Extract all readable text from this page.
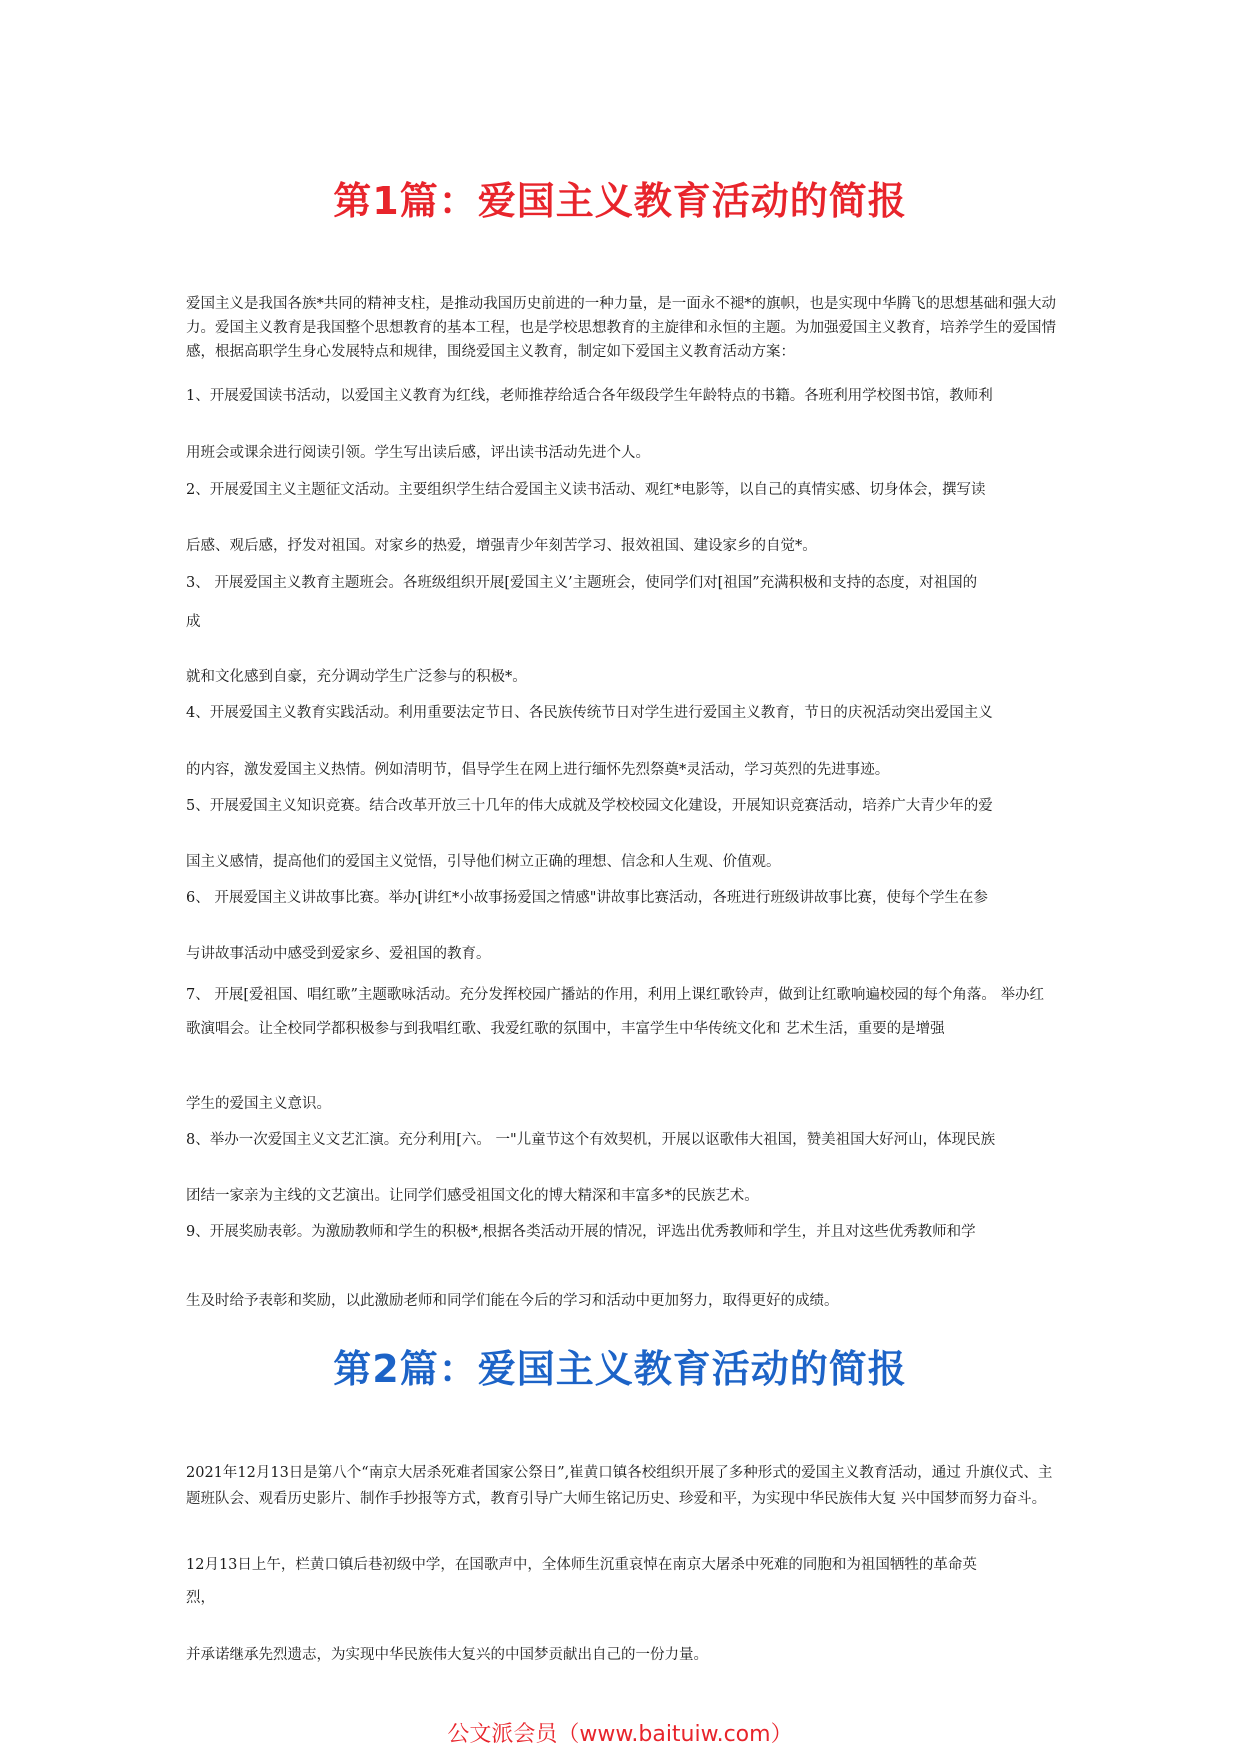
第1篇：爱国主义教育活动的简报

爱国主义是我国各族*共同的精神支柱，是推动我国历史前进的一种力量，是一面永不褪*的旗帜，也是实现中华腾飞的思想基础和强大动力。爱国主义教育是我国整个思想教育的基本工程，也是学校思想教育的主旋律和永恒的主题。为加强爱国主义教育，培养学生的爱国情感，根据高职学生身心发展特点和规律，围绕爱国主义教育，制定如下爱国主义教育活动方案：

1、开展爱国读书活动，以爱国主义教育为红线，老师推荐给适合各年级段学生年龄特点的书籍。各班利用学校图书馆，教师利
用班会或课余进行阅读引领。学生写出读后感，评出读书活动先进个人。
2、开展爱国主义主题征文活动。主要组织学生结合爱国主义读书活动、观红*电影等，以自己的真情实感、切身体会，撰写读
后感、观后感，抒发对祖国。对家乡的热爱，增强青少年刻苦学习、报效祖国、建设家乡的自觉*。
3、 开展爱国主义教育主题班会。各班级组织开展[爱国主义’主题班会，使同学们对[祖国”充满积极和支持的态度，对祖国的
成
就和文化感到自豪，充分调动学生广泛参与的积极*。
4、开展爱国主义教育实践活动。利用重要法定节日、各民族传统节日对学生进行爱国主义教育，节日的庆祝活动突出爱国主义
的内容，激发爱国主义热情。例如清明节，倡导学生在网上进行缅怀先烈祭奠*灵活动，学习英烈的先进事迹。
5、开展爱国主义知识竞赛。结合改革开放三十几年的伟大成就及学校校园文化建设，开展知识竞赛活动，培养广大青少年的爱
国主义感情，提高他们的爱国主义觉悟，引导他们树立正确的理想、信念和人生观、价值观。
6、 开展爱国主义讲故事比赛。举办[讲红*小故事扬爱国之情感"讲故事比赛活动，各班进行班级讲故事比赛，使每个学生在参
与讲故事活动中感受到爱家乡、爱祖国的教育。
7、 开展[爱祖国、唱红歌”主题歌咏活动。充分发挥校园广播站的作用，利用上课红歌铃声，做到让红歌响遍校园的每个角落。 举办红歌演唱会。让全校同学都积极参与到我唱红歌、我爱红歌的氛围中，丰富学生中华传统文化和 艺术生活，重要的是增强
学生的爱国主义意识。
8、举办一次爱国主义文艺汇演。充分利用[六。 一"儿童节这个有效契机，开展以讴歌伟大祖国，赞美祖国大好河山，体现民族
团结一家亲为主线的文艺演出。让同学们感受祖国文化的博大精深和丰富多*的民族艺术。
9、开展奖励表彰。为激励教师和学生的积极*,根据各类活动开展的情况，评选出优秀教师和学生，并且对这些优秀教师和学
生及时给予表彰和奖励，以此激励老师和同学们能在今后的学习和活动中更加努力，取得更好的成绩。
第2篇：爱国主义教育活动的简报

2021年12月13日是第八个“南京大居杀死难者国家公祭日”,崔黄口镇各校组织开展了多种形式的爱国主义教育活动，通过 升旗仪式、主题班队会、观看历史影片、制作手抄报等方式，教育引导广大师生铭记历史、珍爱和平，为实现中华民族伟大复 兴中国梦而努力奋斗。

12月13日上午，栏黄口镇后巷初级中学，在国歌声中，全体师生沉重哀悼在南京大屠杀中死难的同胞和为祖国牺牲的革命英
烈，
并承诺继承先烈遗志，为实现中华民族伟大复兴的中国梦贡献出自己的一份力量。
公文派会员（www.baituiw.com）
